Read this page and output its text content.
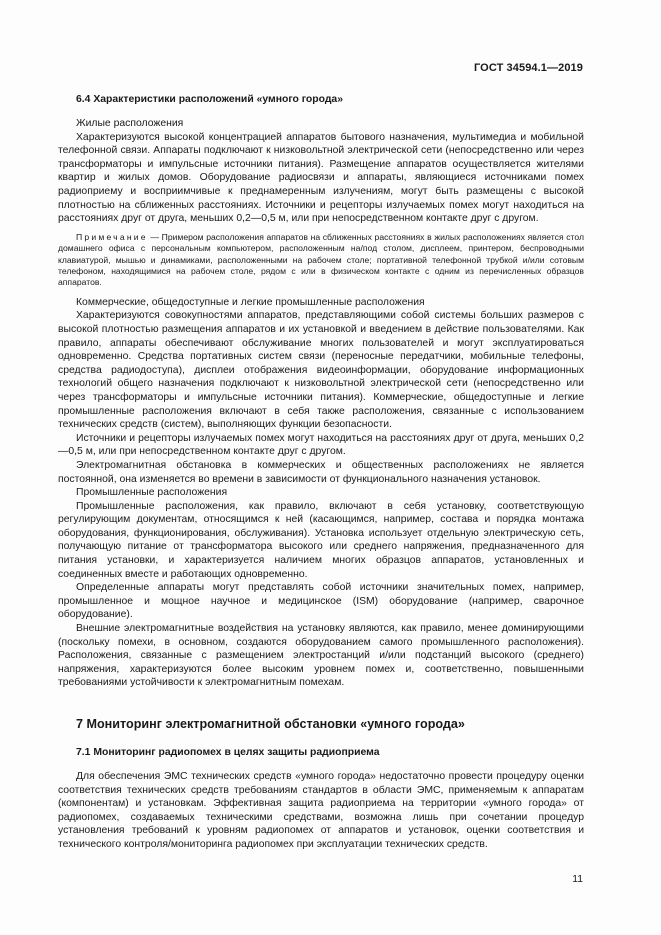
ГОСТ 34594.1—2019
6.4 Характеристики расположений «умного города»

Жилые расположения

Характеризуются высокой концентрацией аппаратов бытового назначения, мультимедиа и мобильной телефонной связи. Аппараты подключают к низковольтной электрической сети (непосредственно или через трансформаторы и импульсные источники питания). Размещение аппаратов осуществляется жителями квартир и жилых домов. Оборудование радиосвязи и аппараты, являющиеся источниками помех радиоприему и восприимчивые к преднамеренным излучениям, могут быть размещены с высокой плотностью на сближенных расстояниях. Источники и рецепторы излучаемых помех могут находиться на расстояниях друг от друга, меньших 0,2—0,5 м, или при непосредственном контакте друг с другом.

Примечание — Примером расположения аппаратов на сближенных расстояниях в жилых расположениях является стол домашнего офиса с персональным компьютером, расположенным на/под столом, дисплеем, принтером, беспроводными клавиатурой, мышью и динамиками, расположенными на рабочем столе; портативной телефонной трубкой и/или сотовым телефоном, находящимися на рабочем столе, рядом с или в физическом контакте с одним из перечисленных образцов аппаратов.

Коммерческие, общедоступные и легкие промышленные расположения

Характеризуются совокупностями аппаратов, представляющими собой системы больших размеров с высокой плотностью размещения аппаратов и их установкой и введением в действие пользователями. Как правило, аппараты обеспечивают обслуживание многих пользователей и могут эксплуатироваться одновременно. Средства портативных систем связи (переносные передатчики, мобильные телефоны, средства радиодоступа), дисплеи отображения видеоинформации, оборудование информационных технологий общего назначения подключают к низковольтной электрической сети (непосредственно или через трансформаторы и импульсные источники питания). Коммерческие, общедоступные и легкие промышленные расположения включают в себя также расположения, связанные с использованием технических средств (систем), выполняющих функции безопасности.

Источники и рецепторы излучаемых помех могут находиться на расстояниях друг от друга, меньших 0,2—0,5 м, или при непосредственном контакте друг с другом.

Электромагнитная обстановка в коммерческих и общественных расположениях не является постоянной, она изменяется во времени в зависимости от функционального назначения установок.

Промышленные расположения

Промышленные расположения, как правило, включают в себя установку, соответствующую регулирующим документам, относящимся к ней (касающимся, например, состава и порядка монтажа оборудования, функционирования, обслуживания). Установка использует отдельную электрическую сеть, получающую питание от трансформатора высокого или среднего напряжения, предназначенного для питания установки, и характеризуется наличием многих образцов аппаратов, установленных и соединенных вместе и работающих одновременно.

Определенные аппараты могут представлять собой источники значительных помех, например, промышленное и мощное научное и медицинское (ISM) оборудование (например, сварочное оборудование).

Внешние электромагнитные воздействия на установку являются, как правило, менее доминирующими (поскольку помехи, в основном, создаются оборудованием самого промышленного расположения). Расположения, связанные с размещением электростанций и/или подстанций высокого (среднего) напряжения, характеризуются более высоким уровнем помех и, соответственно, повышенными требованиями устойчивости к электромагнитным помехам.

7 Мониторинг электромагнитной обстановки «умного города»
7.1 Мониторинг радиопомех в целях защиты радиоприема

Для обеспечения ЭМС технических средств «умного города» недостаточно провести процедуру оценки соответствия технических средств требованиям стандартов в области ЭМС, применяемым к аппаратам (компонентам) и установкам. Эффективная защита радиоприема на территории «умного города» от радиопомех, создаваемых техническими средствами, возможна лишь при сочетании процедур установления требований к уровням радиопомех от аппаратов и установок, оценки соответствия и технического контроля/мониторинга радиопомех при эксплуатации технических средств.

11
